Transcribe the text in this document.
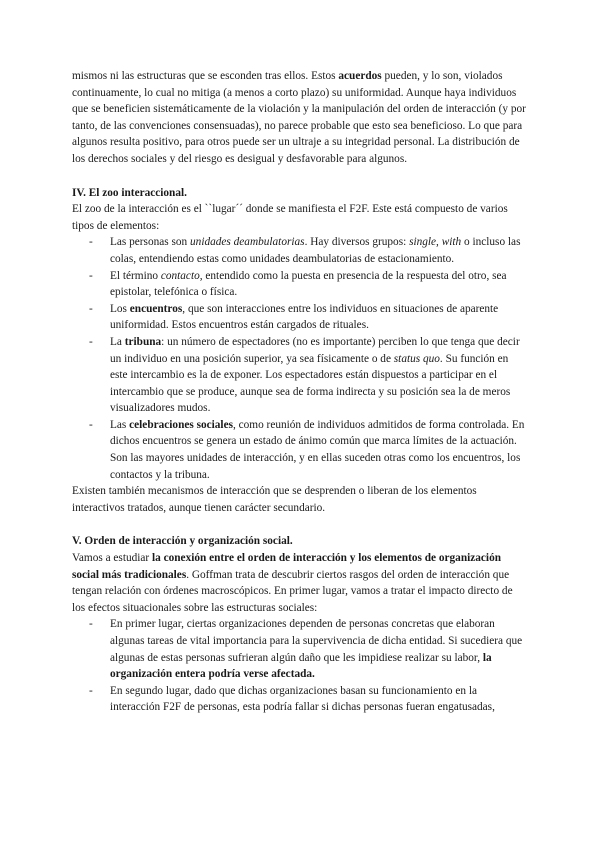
mismos ni las estructuras que se esconden tras ellos. Estos acuerdos pueden, y lo son, violados continuamente, lo cual no mitiga (a menos a corto plazo) su uniformidad. Aunque haya individuos que se beneficien sistemáticamente de la violación y la manipulación del orden de interacción (y por tanto, de las convenciones consensuadas), no parece probable que esto sea beneficioso. Lo que para algunos resulta positivo, para otros puede ser un ultraje a su integridad personal. La distribución de los derechos sociales y del riesgo es desigual y desfavorable para algunos.

IV. El zoo interaccional.

El zoo de la interacción es el ``lugar´´ donde se manifiesta el F2F. Este está compuesto de varios tipos de elementos:

- Las personas son unidades deambulatorias. Hay diversos grupos: single, with o incluso las colas, entendiendo estas como unidades deambulatorias de estacionamiento.
- El término contacto, entendido como la puesta en presencia de la respuesta del otro, sea epistolar, telefónica o física.
- Los encuentros, que son interacciones entre los individuos en situaciones de aparente uniformidad. Estos encuentros están cargados de rituales.
- La tribuna: un número de espectadores (no es importante) perciben lo que tenga que decir un individuo en una posición superior, ya sea físicamente o de status quo. Su función en este intercambio es la de exponer. Los espectadores están dispuestos a participar en el intercambio que se produce, aunque sea de forma indirecta y su posición sea la de meros visualizadores mudos.
- Las celebraciones sociales, como reunión de individuos admitidos de forma controlada. En dichos encuentros se genera un estado de ánimo común que marca límites de la actuación. Son las mayores unidades de interacción, y en ellas suceden otras como los encuentros, los contactos y la tribuna.

Existen también mecanismos de interacción que se desprenden o liberan de los elementos interactivos tratados, aunque tienen carácter secundario.

V. Orden de interacción y organización social.

Vamos a estudiar la conexión entre el orden de interacción y los elementos de organización social más tradicionales. Goffman trata de descubrir ciertos rasgos del orden de interacción que tengan relación con órdenes macroscópicos. En primer lugar, vamos a tratar el impacto directo de los efectos situacionales sobre las estructuras sociales:

- En primer lugar, ciertas organizaciones dependen de personas concretas que elaboran algunas tareas de vital importancia para la supervivencia de dicha entidad. Si sucediera que algunas de estas personas sufrieran algún daño que les impidiese realizar su labor, la organización entera podría verse afectada.
- En segundo lugar, dado que dichas organizaciones basan su funcionamiento en la interacción F2F de personas, esta podría fallar si dichas personas fueran engatusadas,
